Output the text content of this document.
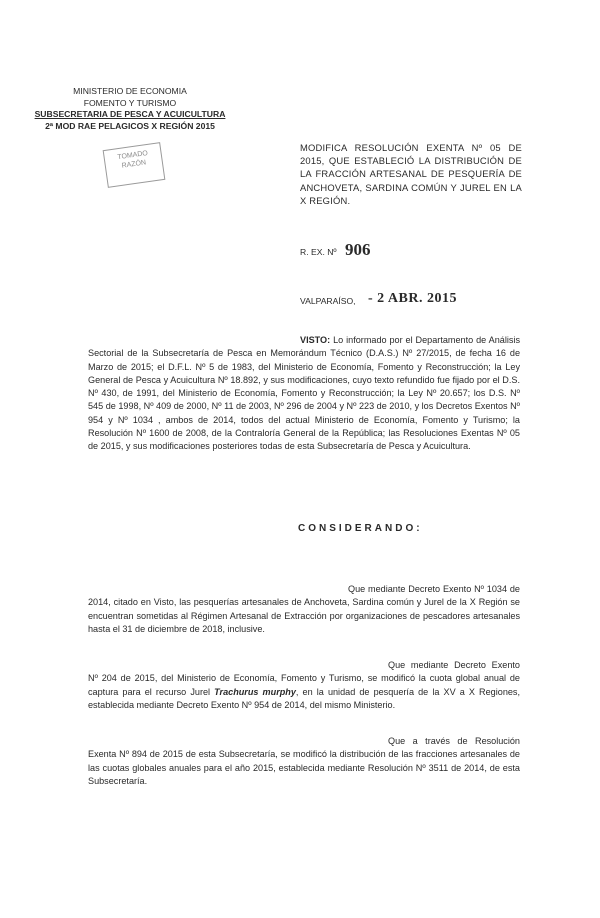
MINISTERIO DE ECONOMIA
FOMENTO Y TURISMO
SUBSECRETARIA DE PESCA Y ACUICULTURA
2ª MOD RAE PELAGICOS X REGIÓN 2015
TOMADO
RAZÓN
MODIFICA RESOLUCIÓN EXENTA Nº 05 DE 2015, QUE ESTABLECIÓ LA DISTRIBUCIÓN DE LA FRACCIÓN ARTESANAL DE PESQUERÍA DE ANCHOVETA, SARDINA COMÚN Y JUREL EN LA X REGIÓN.
R. EX. Nº 906
VALPARAÍSO, - 2 ABR. 2015
VISTO: Lo informado por el Departamento de Análisis Sectorial de la Subsecretaría de Pesca en Memorándum Técnico (D.A.S.) Nº 27/2015, de fecha 16 de Marzo de 2015; el D.F.L. Nº 5 de 1983, del Ministerio de Economía, Fomento y Reconstrucción; la Ley General de Pesca y Acuicultura Nº 18.892, y sus modificaciones, cuyo texto refundido fue fijado por el D.S. Nº 430, de 1991, del Ministerio de Economía, Fomento y Reconstrucción; la Ley Nº 20.657; los D.S. Nº 545 de 1998, Nº 409 de 2000, Nº 11 de 2003, Nº 296 de 2004 y Nº 223 de 2010, y los Decretos Exentos Nº 954 y Nº 1034 , ambos de 2014, todos del actual Ministerio de Economía, Fomento y Turismo; la Resolución Nº 1600 de 2008, de la Contraloría General de la República; las Resoluciones Exentas Nº 05 de 2015, y sus modificaciones posteriores todas de esta Subsecretaría de Pesca y Acuicultura.
CONSIDERANDO:
Que mediante Decreto Exento Nº 1034 de 2014, citado en Visto, las pesquerías artesanales de Anchoveta, Sardina común y Jurel de la X Región se encuentran sometidas al Régimen Artesanal de Extracción por organizaciones de pescadores artesanales hasta el 31 de diciembre de 2018, inclusive.
Que mediante Decreto Exento Nº 204 de 2015, del Ministerio de Economía, Fomento y Turismo, se modificó la cuota global anual de captura para el recurso Jurel Trachurus murphy, en la unidad de pesquería de la XV a X Regiones, establecida mediante Decreto Exento Nº 954 de 2014, del mismo Ministerio.
Que a través de Resolución Exenta Nº 894 de 2015 de esta Subsecretaría, se modificó la distribución de las fracciones artesanales de las cuotas globales anuales para el año 2015, establecida mediante Resolución Nº 3511 de 2014, de esta Subsecretaría.
